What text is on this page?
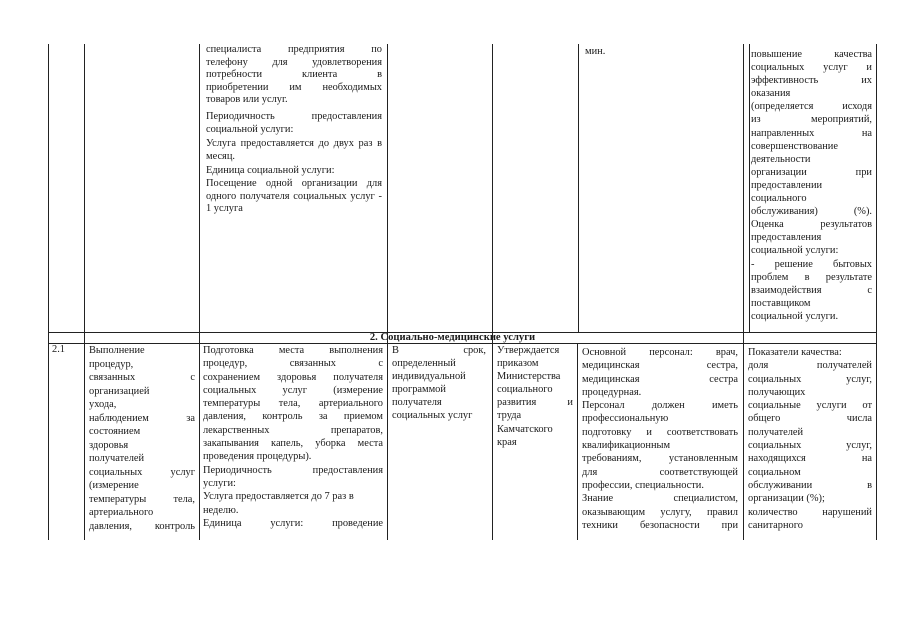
специалиста предприятия по

телефону для удовлетворения

потребности клиента в

приобретении им необходимых

товаров или услуг.

Периодичность предоставления социальной услуги:

Услуга предоставляется до двух раз в месяц.

Единица социальной услуги:

Посещение одной организации для одного получателя социальных услуг - 1 услуга

мин.	повышение качества

социальных услуг и

эффективность их

оказания

(определяется исходя

из мероприятий,

направленных на

совершенствование

деятельности

организации при

предоставлении

социального

обслуживания) (%).

Оценка результатов

предоставления

социальной услуги:

- решение бытовых

проблем в результате

взаимодействия с

поставщиком

социальной услуги.

2. Социально-медицинские услуги
2.1 Выполнение

процедур,

связанных с

организацией

ухода,

наблюдением за

состоянием

здоровья

получателей

социальных услуг

(измерение

температуры тела,

артериального

давления, контроль

Подготовка места выполнения

процедур, связанных с

сохранением здоровья получателя

социальных услуг (измерение

температуры тела, артериального

давления, контроль за приемом

лекарственных препаратов,

закапывания капель, уборка места

проведения процедуры).

Периодичность предоставления

услуги:

Услуга предоставляется до 7 раз в

неделю.

Единица услуги: проведение

В срок,

определенный

индивидуальной

программой

получателя

социальных услуг

Утверждается

приказом

Министерства

социального

развития и

труда

Камчатского

края

Основной персонал: врач,

медицинская сестра,

медицинская сестра

процедурная.

Персонал должен иметь

профессиональную

подготовку и соответствовать

квалификационным

требованиям, установленным

для соответствующей

профессии, специальности.

Знание специалистом,

оказывающим услугу, правил

техники безопасности при

Показатели качества:

доля получателей

социальных услуг,

получающих

социальные услуги от

общего числа

получателей

социальных услуг,

находящихся на

социальном

обслуживании в

организации (%);

количество нарушений

санитарного
